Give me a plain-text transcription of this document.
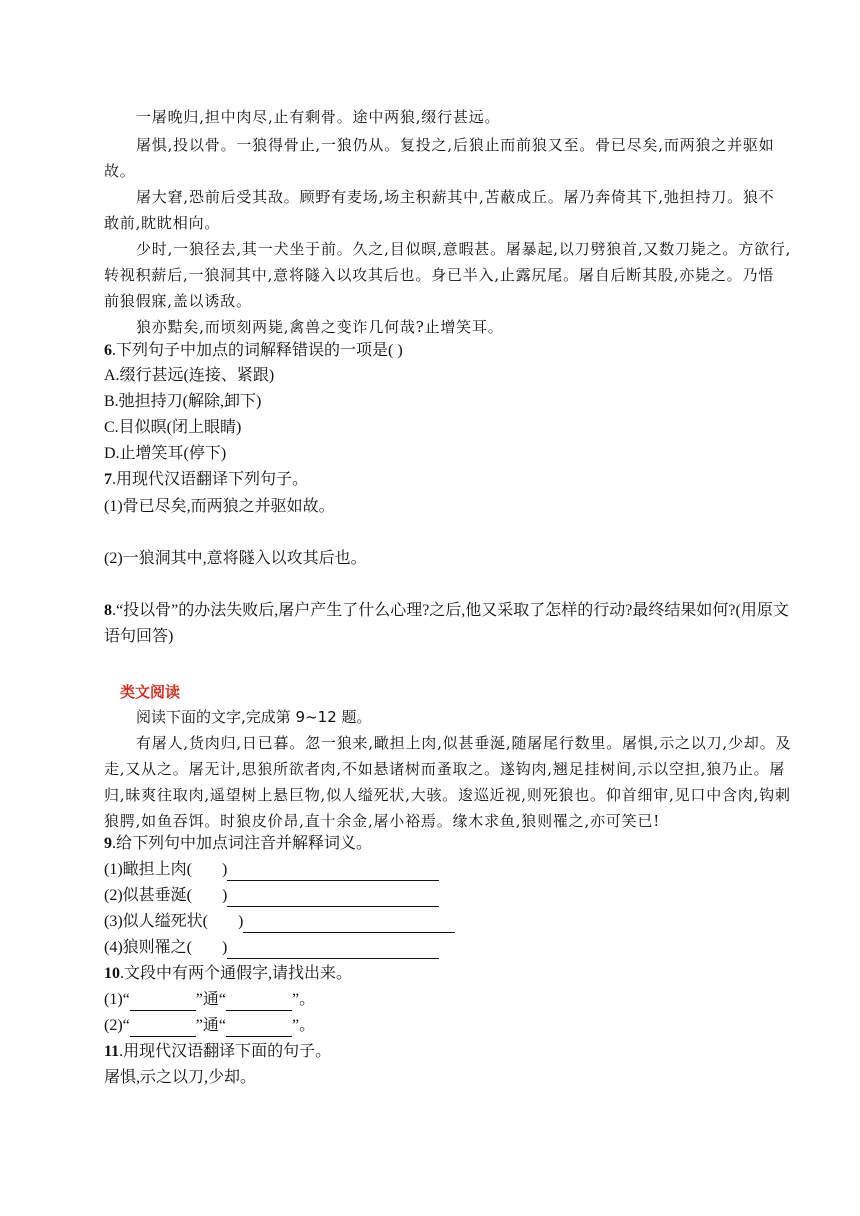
一屠晚归,担中肉尽,止有剩骨。途中两狼,缀行甚远。

屠惧,投以骨。一狼得骨止,一狼仍从。复投之,后狼止而前狼又至。骨已尽矣,而两狼之并驱如

故。

屠大窘,恐前后受其敌。顾野有麦场,场主积薪其中,苫蔽成丘。屠乃奔倚其下,弛担持刀。狼不

敢前,眈眈相向。

少时,一狼径去,其一犬坐于前。久之,目似暝,意暇甚。屠暴起,以刀劈狼首,又数刀毙之。方欲行,

转视积薪后,一狼洞其中,意将隧入以攻其后也。身已半入,止露尻尾。屠自后断其股,亦毙之。乃悟

前狼假寐,盖以诱敌。

狼亦黠矣,而顷刻两毙,禽兽之变诈几何哉?止增笑耳。

6.下列句子中加点的词解释错误的一项是( )
A.缀行甚远(连接、紧跟)
B.弛担持刀(解除,卸下)
C.目似暝(闭上眼睛)
D.止增笑耳(停下)
7.用现代汉语翻译下列句子。
(1)骨已尽矣,而两狼之并驱如故。
(2)一狼洞其中,意将隧入以攻其后也。
8.“投以骨”的办法失败后,屠户产生了什么心理?之后,他又采取了怎样的行动?最终结果如何?(用原文
语句回答)
类文阅读
阅读下面的文字,完成第 9~12 题。

有屠人,货肉归,日已暮。忽一狼来,瞰担上肉,似甚垂涎,随屠尾行数里。屠惧,示之以刀,少却。及

走,又从之。屠无计,思狼所欲者肉,不如悬诸树而蚤取之。遂钩肉,翘足挂树间,示以空担,狼乃止。屠

归,昧爽往取肉,遥望树上悬巨物,似人缢死状,大骇。逡巡近视,则死狼也。仰首细审,见口中含肉,钩刺

狼腭,如鱼吞饵。时狼皮价昂,直十余金,屠小裕焉。缘木求鱼,狼则罹之,亦可笑已!

9.给下列句中加点词注音并解释词义。
(1)瞰担上肉( )
(2)似甚垂涎( )
(3)似人缢死状( )
(4)狼则罹之( )
10.文段中有两个通假字,请找出来。
(1)“	”通“	”。
(2)“	”通“	”。
11.用现代汉语翻译下面的句子。
屠惧,示之以刀,少却。
